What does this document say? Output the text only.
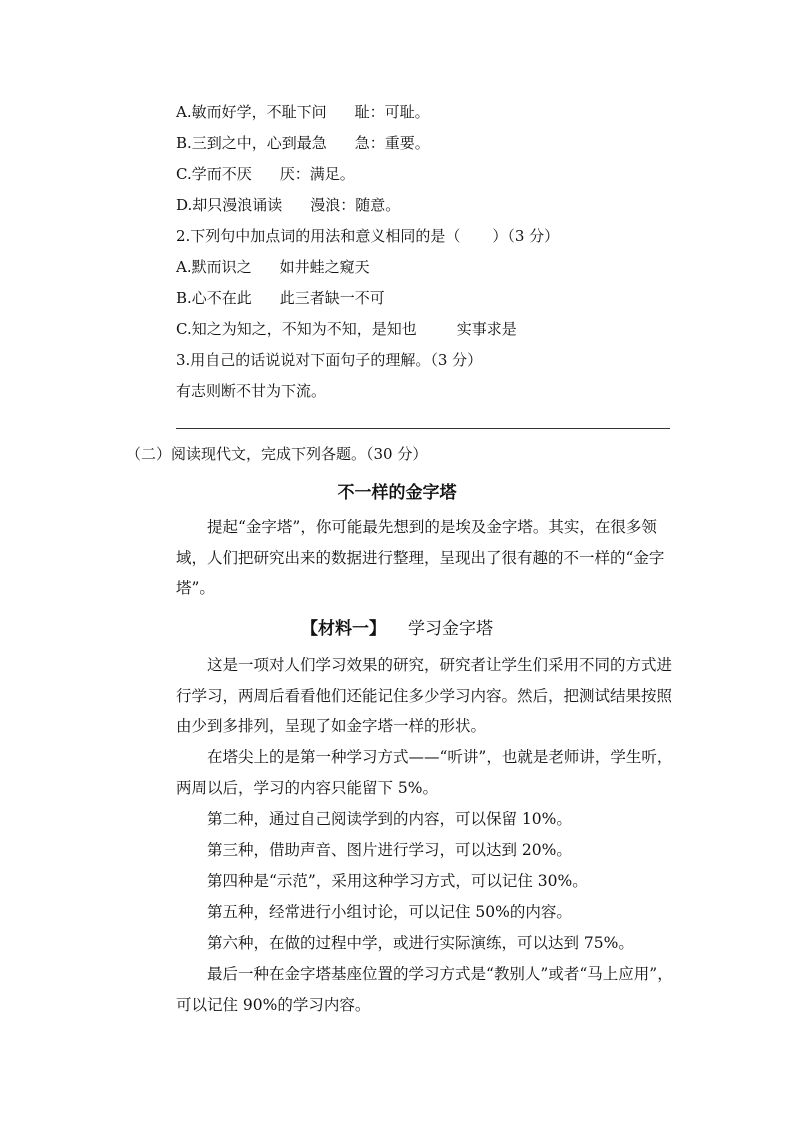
A.敏而好学，不耻下问 耻：可耻。
B.三到之中，心到最急 急：重要。
C.学而不厌 厌：满足。
D.却只漫浪诵读 漫浪：随意。
2.下列句中加点词的用法和意义相同的是（ ）（3 分）
A.默而识之 如井蛙之窥天
B.心不在此 此三者缺一不可
C.知之为知之，不知为不知，是知也	实事求是
3.用自己的话说说对下面句子的理解。（3 分）
有志则断不甘为下流。
（二）阅读现代文，完成下列各题。（30 分）
不一样的金字塔
提起“金字塔”，你可能最先想到的是埃及金字塔。其实，在很多领域，人们把研究出来的数据进行整理，呈现出了很有趣的不一样的“金字塔”。
【材料一】 学习金字塔
这是一项对人们学习效果的研究，研究者让学生们采用不同的方式进行学习，两周后看看他们还能记住多少学习内容。然后，把测试结果按照由少到多排列，呈现了如金字塔一样的形状。
在塔尖上的是第一种学习方式——“听讲”，也就是老师讲，学生听，两周以后，学习的内容只能留下 5%。
第二种，通过自己阅读学到的内容，可以保留 10%。
第三种，借助声音、图片进行学习，可以达到 20%。
第四种是“示范”，采用这种学习方式，可以记住 30%。
第五种，经常进行小组讨论，可以记住 50%的内容。
第六种，在做的过程中学，或进行实际演练，可以达到 75%。
最后一种在金字塔基座位置的学习方式是“教别人”或者“马上应用”，可以记住 90%的学习内容。
